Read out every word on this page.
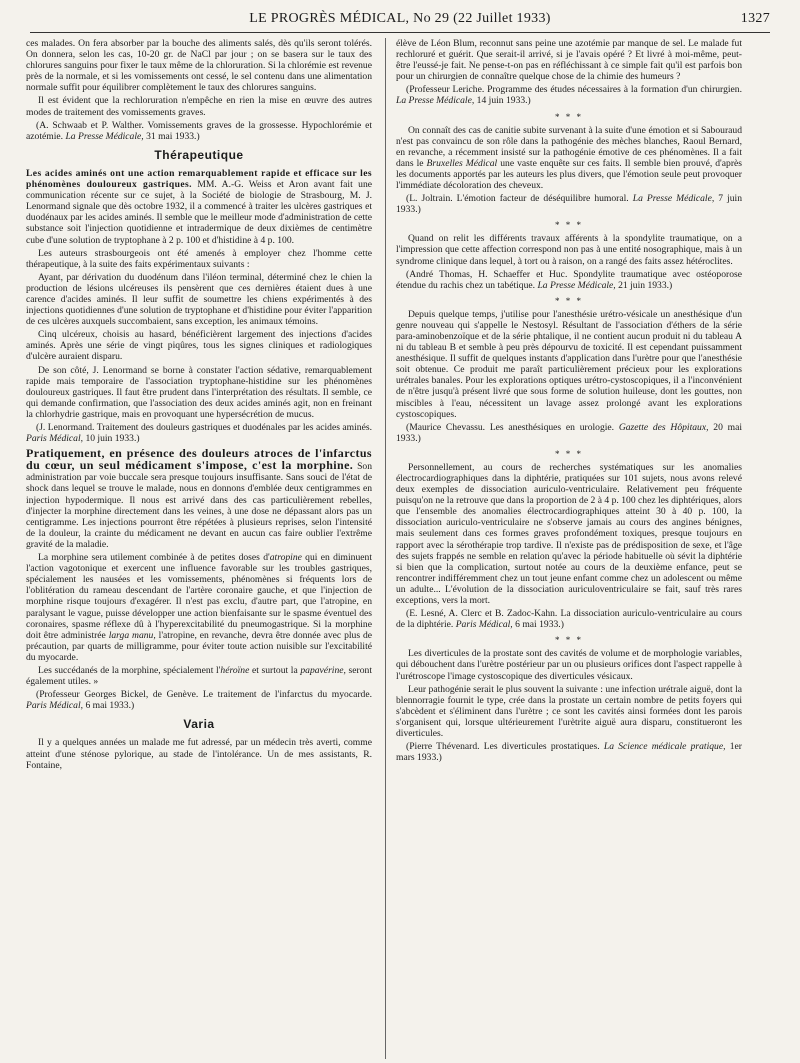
LE PROGRÈS MÉDICAL, No 29 (22 Juillet 1933)	1327

ces malades. On fera absorber par la bouche des aliments salés, dès qu'ils seront tolérés. On donnera, selon les cas, 10-20 gr. de NaCl par jour ; on se basera sur le taux des chlorures sanguins pour fixer le taux même de la chloruration. Si la chlorémie est revenue près de la normale, et si les vomissements ont cessé, le sel contenu dans une alimentation normale suffit pour équilibrer complètement le taux des chlorures sanguins.

Il est évident que la rechloruration n'empêche en rien la mise en œuvre des autres modes de traitement des vomissements graves.

(A. Schwaab et P. Walther. Vomissements graves de la grossesse. Hypochlorémie et azotémie. La Presse Médicale, 31 mai 1933.)

Thérapeutique

Les acides aminés ont une action remarquablement rapide et efficace sur les phénomènes douloureux gastriques. MM. A.-G. Weiss et Aron avant fait une communication récente sur ce sujet, à la Société de biologie de Strasbourg, M. J. Lenormand signale que dès octobre 1932, il a commencé à traiter les ulcères gastriques et duodénaux par les acides aminés. Il semble que le meilleur mode d'administration de cette substance soit l'injection quotidienne et intradermique de deux dixièmes de centimètre cube d'une solution de tryptophane à 2 p. 100 et d'histidine à 4 p. 100.

Les auteurs strasbourgeois ont été amenés à employer chez l'homme cette thérapeutique, à la suite des faits expérimentaux suivants :

Ayant, par dérivation du duodénum dans l'iléon terminal, déterminé chez le chien la production de lésions ulcéreuses ils pensèrent que ces dernières étaient dues à une carence d'acides aminés. Il leur suffit de soumettre les chiens expérimentés à des injections quotidiennes d'une solution de tryptophane et d'histidine pour éviter l'apparition de ces ulcères auxquels succombaient, sans exception, les animaux témoins.

Cinq ulcéreux, choisis au hasard, bénéficièrent largement des injections d'acides aminés. Après une série de vingt piqûres, tous les signes cliniques et radiologiques d'ulcère auraient disparu.

De son côté, J. Lenormand se borne à constater l'action sédative, remarquablement rapide mais temporaire de l'association tryptophane-histidine sur les phénomènes douloureux gastriques. Il faut être prudent dans l'interprétation des résultats. Il semble, ce qui demande confirmation, que l'association des deux acides aminés agit, non en freinant la chlorhydrie gastrique, mais en provoquant une hypersécrétion de mucus.

(J. Lenormand. Traitement des douleurs gastriques et duodénales par les acides aminés. Paris Médical, 10 juin 1933.)

Pratiquement, en présence des douleurs atroces de l'infarctus du cœur, un seul médicament s'impose, c'est la morphine. Son administration par voie buccale sera presque toujours insuffisante. Sans souci de l'état de shock dans lequel se trouve le malade, nous en donnons d'emblée deux centigrammes en injection hypodermique. Il nous est arrivé dans des cas particulièrement rebelles, d'injecter la morphine directement dans les veines, à une dose ne dépassant alors pas un centigramme. Les injections pourront être répétées à plusieurs reprises, selon l'intensité de la douleur, la crainte du médicament ne devant en aucun cas faire oublier l'extrême gravité de la maladie.

La morphine sera utilement combinée à de petites doses d'atropine qui en diminuent l'action vagotonique et exercent une influence favorable sur les troubles gastriques, spécialement les nausées et les vomissements, phénomènes si fréquents lors de l'oblitération du rameau descendant de l'artère coronaire gauche, et que l'injection de morphine risque toujours d'exagérer. Il n'est pas exclu, d'autre part, que l'atropine, en paralysant le vague, puisse développer une action bienfaisante sur le spasme éventuel des coronaires, spasme réflexe dû à l'hyperexcitabilité du pneumogastrique. Si la morphine doit être administrée larga manu, l'atropine, en revanche, devra être donnée avec plus de précaution, par quarts de milligramme, pour éviter toute action nuisible sur l'excitabilité du myocarde.

Les succédanés de la morphine, spécialement l'héroïne et surtout la papavérine, seront également utiles. »

(Professeur Georges Bickel, de Genève. Le traitement de l'infarctus du myocarde. Paris Médical, 6 mai 1933.)

Varia

Il y a quelques années un malade me fut adressé, par un médecin très averti, comme atteint d'une sténose pylorique, au stade de l'intolérance. Un de mes assistants, R. Fontaine,

élève de Léon Blum, reconnut sans peine une azotémie par manque de sel. Le malade fut rechloruré et guérit. Que serait-il arrivé, si je l'avais opéré ? Et livré à moi-même, peut-être l'eussé-je fait. Ne pense-t-on pas en réfléchissant à ce simple fait qu'il est parfois bon pour un chirurgien de connaître quelque chose de la chimie des humeurs ?

(Professeur Leriche. Programme des études nécessaires à la formation d'un chirurgien. La Presse Médicale, 14 juin 1933.)

* * *

On connaît des cas de canitie subite survenant à la suite d'une émotion et si Sabouraud n'est pas convaincu de son rôle dans la pathogénie des mèches blanches, Raoul Bernard, en revanche, a récemment insisté sur la pathogénie émotive de ces phénomènes. Il a fait dans le Bruxelles Médical une vaste enquête sur ces faits. Il semble bien prouvé, d'après les documents apportés par les auteurs les plus divers, que l'émotion seule peut provoquer l'immédiate décoloration des cheveux.

(L. Joltrain. L'émotion facteur de déséquilibre humoral. La Presse Médicale, 7 juin 1933.)

* * *

Quand on relit les différents travaux afférents à la spondylite traumatique, on a l'impression que cette affection correspond non pas à une entité nosographique, mais à un syndrome clinique dans lequel, à tort ou à raison, on a rangé des faits assez hétéroclites.

(André Thomas, H. Schaeffer et Huc. Spondylite traumatique avec ostéoporose étendue du rachis chez un tabétique. La Presse Médicale, 21 juin 1933.)

* * *

Depuis quelque temps, j'utilise pour l'anesthésie urétro-vésicale un anesthésique d'un genre nouveau qui s'appelle le Nestosyl. Résultant de l'association d'éthers de la série para-aminobenzoïque et de la série phtalique, il ne contient aucun produit ni du tableau A ni du tableau B et semble à peu près dépourvu de toxicité. Il est cependant puissamment anesthésique. Il suffit de quelques instants d'application dans l'urètre pour que l'anesthésie soit obtenue. Ce produit me paraît particulièrement précieux pour les explorations urétrales banales. Pour les explorations optiques urétro-cystoscopiques, il a l'inconvénient de n'être jusqu'à présent livré que sous forme de solution huileuse, dont les gouttes, non miscibles à l'eau, nécessitent un lavage assez prolongé avant les explorations cystoscopiques.

(Maurice Chevassu. Les anesthésiques en urologie. Gazette des Hôpitaux, 20 mai 1933.)

* * *

Personnellement, au cours de recherches systématiques sur les anomalies électrocardiographiques dans la diphtérie, pratiquées sur 101 sujets, nous avons relevé deux exemples de dissociation auriculo-ventriculaire. Relativement peu fréquente puisqu'on ne la retrouve que dans la proportion de 2 à 4 p. 100 chez les diphtériques, alors que l'ensemble des anomalies électrocardiographiques atteint 30 à 40 p. 100, la dissociation auriculo-ventriculaire ne s'observe jamais au cours des angines bénignes, mais seulement dans ces formes graves profondément toxiques, presque toujours en rapport avec la sérothérapie trop tardive. Il n'existe pas de prédisposition de sexe, et l'âge des sujets frappés ne semble en relation qu'avec la période habituelle où sévit la diphtérie si bien que la complication, surtout notée au cours de la deuxième enfance, peut se rencontrer indifféremment chez un tout jeune enfant comme chez un adolescent ou même un adulte... L'évolution de la dissociation auriculoventriculaire se fait, sauf très rares exceptions, vers la mort.

(E. Lesné, A. Clerc et B. Zadoc-Kahn. La dissociation auriculo-ventriculaire au cours de la diphtérie. Paris Médical, 6 mai 1933.)

* * *

Les diverticules de la prostate sont des cavités de volume et de morphologie variables, qui débouchent dans l'urètre postérieur par un ou plusieurs orifices dont l'aspect rappelle à l'urétroscope l'image cystoscopique des diverticules vésicaux.

Leur pathogénie serait le plus souvent la suivante : une infection urétrale aiguë, dont la blennorragie fournit le type, crée dans la prostate un certain nombre de petits foyers qui s'abcèdent et s'éliminent dans l'urètre ; ce sont les cavités ainsi formées dont les parois s'organisent qui, lorsque ultérieurement l'urètrite aiguë aura disparu, constitueront les diverticules.

(Pierre Thévenard. Les diverticules prostatiques. La Science médicale pratique, 1er mars 1933.)
